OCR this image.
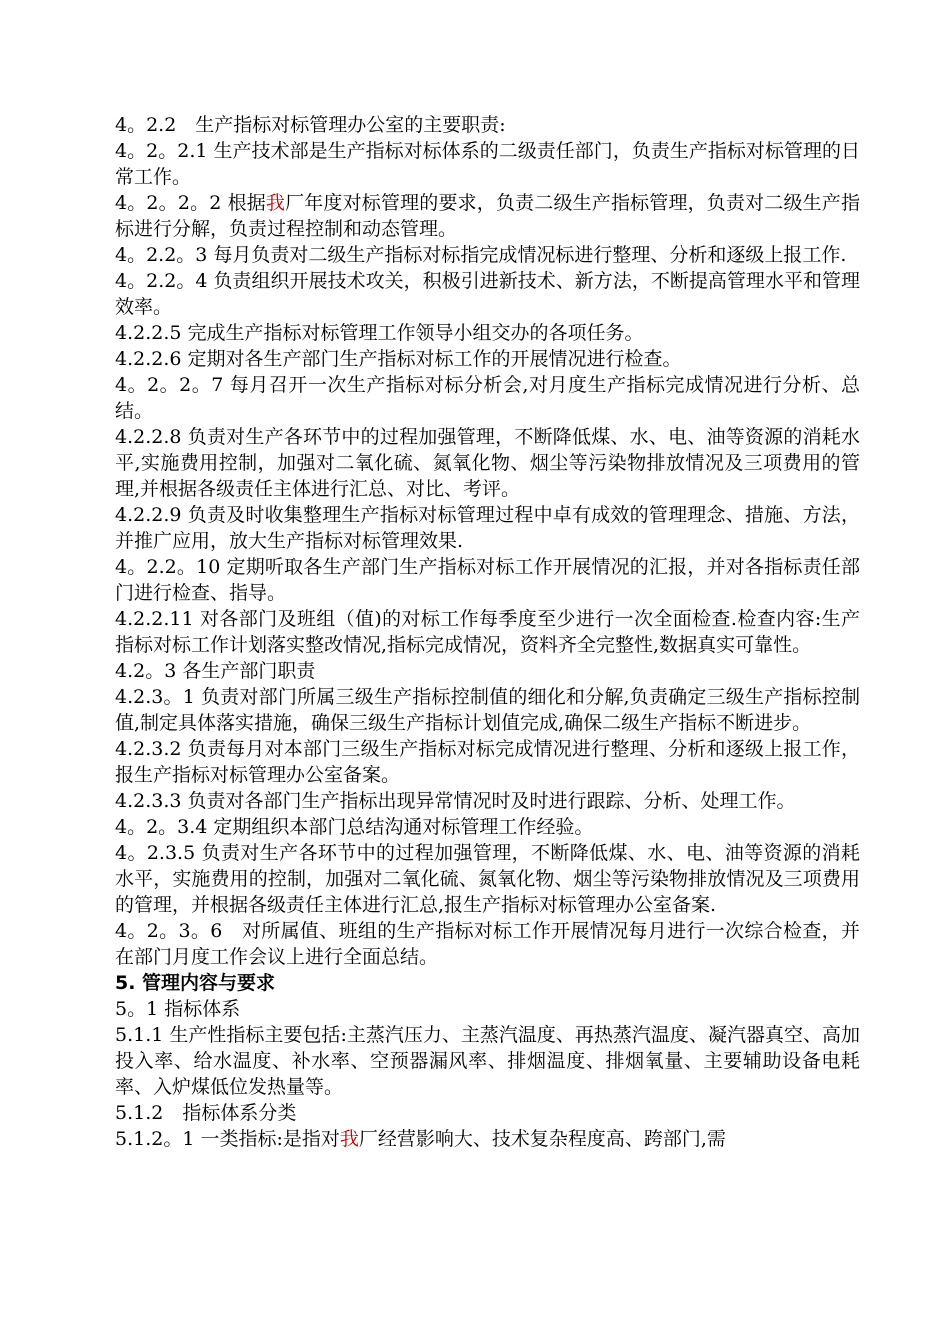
4。2.2　生产指标对标管理办公室的主要职责:

4。2。2.1 生产技术部是生产指标对标体系的二级责任部门，负责生产指标对标管理的日常工作。

4。2。2。2 根据我厂年度对标管理的要求，负责二级生产指标管理，负责对二级生产指标进行分解，负责过程控制和动态管理。

4。2.2。3 每月负责对二级生产指标对标指完成情况标进行整理、分析和逐级上报工作.

4。2.2。4 负责组织开展技术攻关，积极引进新技术、新方法，不断提高管理水平和管理效率。

4.2.2.5 完成生产指标对标管理工作领导小组交办的各项任务。

4.2.2.6 定期对各生产部门生产指标对标工作的开展情况进行检查。

4。2。2。7 每月召开一次生产指标对标分析会,对月度生产指标完成情况进行分析、总结。

4.2.2.8 负责对生产各环节中的过程加强管理，不断降低煤、水、电、油等资源的消耗水平,实施费用控制，加强对二氧化硫、氮氧化物、烟尘等污染物排放情况及三项费用的管理,并根据各级责任主体进行汇总、对比、考评。

4.2.2.9 负责及时收集整理生产指标对标管理过程中卓有成效的管理理念、措施、方法，并推广应用，放大生产指标对标管理效果.

4。2.2。10 定期听取各生产部门生产指标对标工作开展情况的汇报，并对各指标责任部门进行检查、指导。

4.2.2.11 对各部门及班组（值)的对标工作每季度至少进行一次全面检查.检查内容:生产指标对标工作计划落实整改情况,指标完成情况，资料齐全完整性,数据真实可靠性。

4.2。3 各生产部门职责

4.2.3。1 负责对部门所属三级生产指标控制值的细化和分解,负责确定三级生产指标控制值,制定具体落实措施，确保三级生产指标计划值完成,确保二级生产指标不断进步。

4.2.3.2 负责每月对本部门三级生产指标对标完成情况进行整理、分析和逐级上报工作，报生产指标对标管理办公室备案。

4.2.3.3 负责对各部门生产指标出现异常情况时及时进行跟踪、分析、处理工作。

4。2。3.4 定期组织本部门总结沟通对标管理工作经验。

4。2.3.5 负责对生产各环节中的过程加强管理，不断降低煤、水、电、油等资源的消耗水平，实施费用的控制，加强对二氧化硫、氮氧化物、烟尘等污染物排放情况及三项费用的管理，并根据各级责任主体进行汇总,报生产指标对标管理办公室备案.

4。2。3。6　对所属值、班组的生产指标对标工作开展情况每月进行一次综合检查，并在部门月度工作会议上进行全面总结。

5. 管理内容与要求

5。1 指标体系

5.1.1 生产性指标主要包括:主蒸汽压力、主蒸汽温度、再热蒸汽温度、凝汽器真空、高加投入率、给水温度、补水率、空预器漏风率、排烟温度、排烟氧量、主要辅助设备电耗率、入炉煤低位发热量等。

5.1.2　指标体系分类

5.1.2。1 一类指标:是指对我厂经营影响大、技术复杂程度高、跨部门,需
